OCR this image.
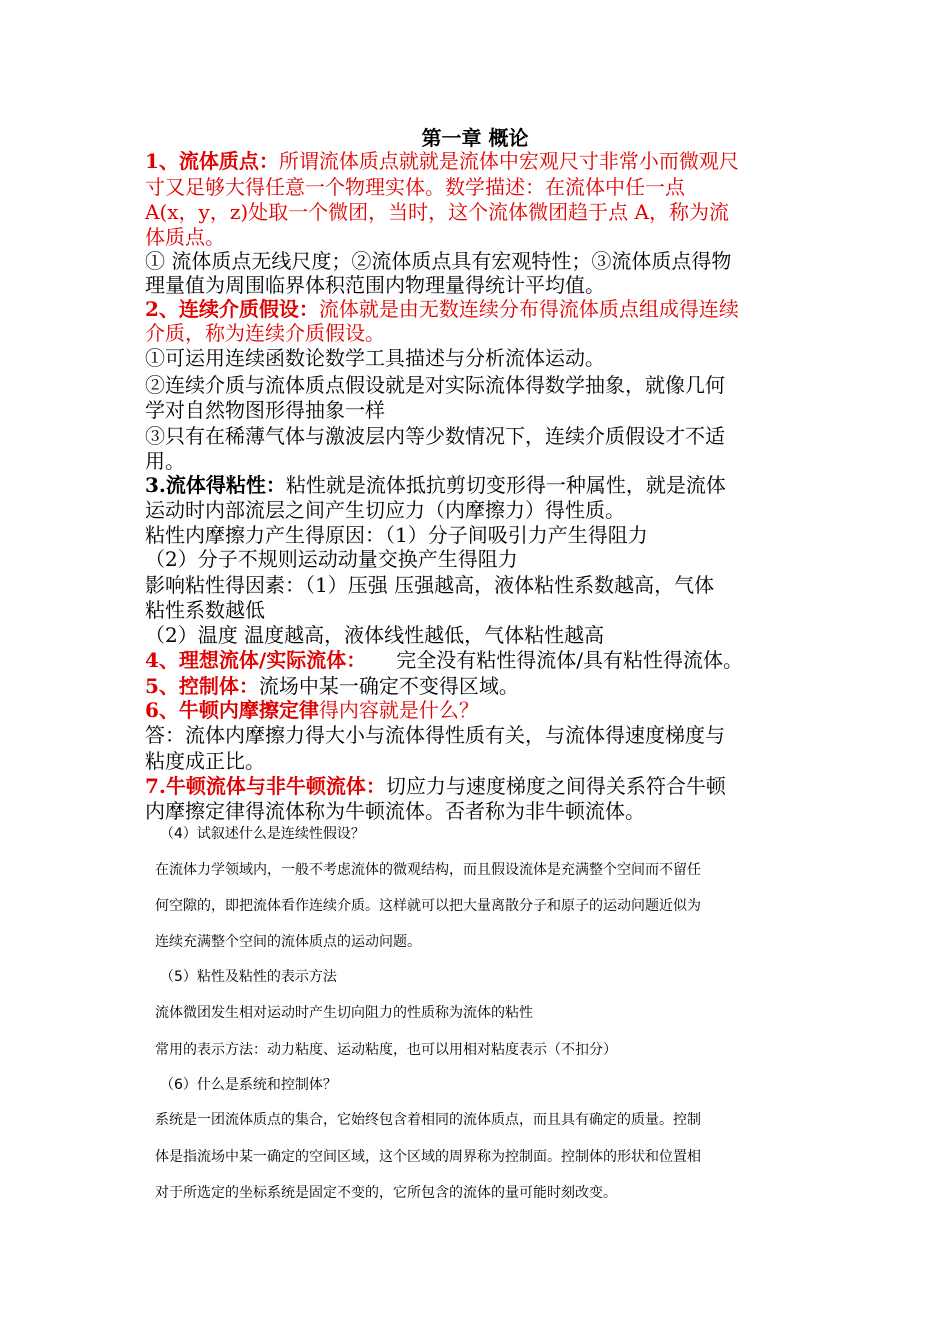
第一章 概论
1、流体质点：所谓流体质点就就是流体中宏观尺寸非常小而微观尺
寸又足够大得任意一个物理实体。数学描述：在流体中任一点
A(x，y，z)处取一个微团，当时，这个流体微团趋于点 A，称为流
体质点。
① 流体质点无线尺度；②流体质点具有宏观特性；③流体质点得物
理量值为周围临界体积范围内物理量得统计平均值。
2、连续介质假设：流体就是由无数连续分布得流体质点组成得连续
介质，称为连续介质假设。
①可运用连续函数论数学工具描述与分析流体运动。
②连续介质与流体质点假设就是对实际流体得数学抽象，就像几何
学对自然物图形得抽象一样
③只有在稀薄气体与激波层内等少数情况下，连续介质假设才不适
用。
3.流体得粘性：粘性就是流体抵抗剪切变形得一种属性，就是流体
运动时内部流层之间产生切应力（内摩擦力）得性质。
粘性内摩擦力产生得原因：（1）分子间吸引力产生得阻力
（2）分子不规则运动动量交换产生得阻力
影响粘性得因素：（1）压强 压强越高，液体粘性系数越高，气体
粘性系数越低
（2）温度 温度越高，液体线性越低，气体粘性越高
4、理想流体/实际流体： 完全没有粘性得流体/具有粘性得流体。
5、控制体：流场中某一确定不变得区域。
6、牛顿内摩擦定律得内容就是什么？
答：流体内摩擦力得大小与流体得性质有关，与流体得速度梯度与
粘度成正比。
7.牛顿流体与非牛顿流体：切应力与速度梯度之间得关系符合牛顿
内摩擦定律得流体称为牛顿流体。否者称为非牛顿流体。
（4）试叙述什么是连续性假设？
在流体力学领域内，一般不考虑流体的微观结构，而且假设流体是充满整个空间而不留任
何空隙的，即把流体看作连续介质。这样就可以把大量离散分子和原子的运动问题近似为
连续充满整个空间的流体质点的运动问题。
（5）粘性及粘性的表示方法
流体微团发生相对运动时产生切向阻力的性质称为流体的粘性
常用的表示方法：动力粘度、运动粘度，也可以用相对粘度表示（不扣分）
（6）什么是系统和控制体？
系统是一团流体质点的集合，它始终包含着相同的流体质点，而且具有确定的质量。控制
体是指流场中某一确定的空间区域，这个区域的周界称为控制面。控制体的形状和位置相
对于所选定的坐标系统是固定不变的，它所包含的流体的量可能时刻改变。
